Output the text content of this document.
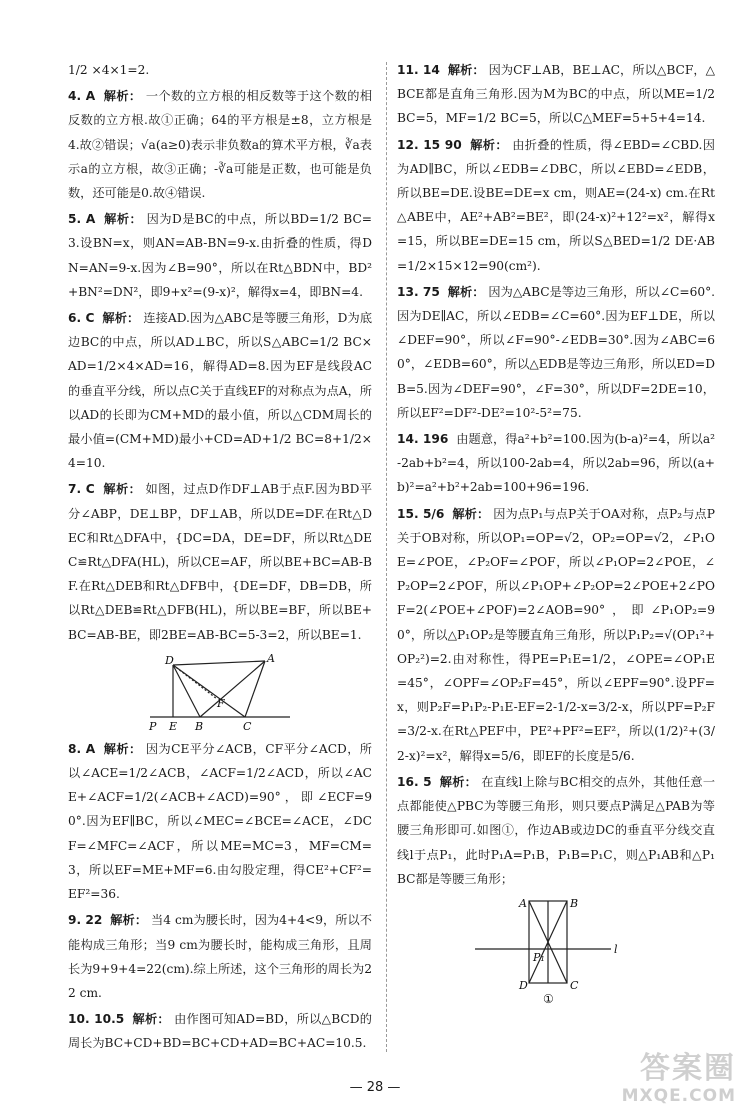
1/2 ×4×1=2.
4. A 解析： 一个数的立方根的相反数等于这个数的相反数的立方根.故①正确；64的平方根是±8，立方根是4.故②错误；√a(a≥0)表示非负数a的算术平方根，∛a表示a的立方根，故③正确；-∛a可能是正数，也可能是负数，还可能是0.故④错误.
5. A 解析： 因为D是BC的中点，所以BD=1/2 BC=3.设BN=x，则AN=AB-BN=9-x.由折叠的性质，得DN=AN=9-x.因为∠B=90°，所以在Rt△BDN中，BD²+BN²=DN²，即9+x²=(9-x)²，解得x=4，即BN=4.
6. C 解析： 连接AD.因为△ABC是等腰三角形，D为底边BC的中点，所以AD⊥BC，所以S△ABC=1/2 BC×AD=1/2×4×AD=16，解得AD=8.因为EF是线段AC的垂直平分线，所以点C关于直线EF的对称点为点A，所以AD的长即为CM+MD的最小值，所以△CDM周长的最小值=(CM+MD)最小+CD=AD+1/2 BC=8+1/2×4=10.
7. C 解析： 如图，过点D作DF⊥AB于点F.因为BD平分∠ABP，DE⊥BP，DF⊥AB，所以DE=DF.在Rt△DEC和Rt△DFA中，{DC=DA，DE=DF，所以Rt△DEC≌Rt△DFA(HL)，所以CE=AF，所以BE+BC=AB-BF.在Rt△DEB和Rt△DFB中，{DE=DF，DB=DB，所以Rt△DEB≌Rt△DFB(HL)，所以BE=BF，所以BE+BC=AB-BE，即2BE=AB-BC=5-3=2，所以BE=1.
D	A
F
P E B	C
8. A 解析： 因为CE平分∠ACB，CF平分∠ACD，所以∠ACE=1/2∠ACB，∠ACF=1/2∠ACD，所以∠ACE+∠ACF=1/2(∠ACB+∠ACD)=90°，即∠ECF=90°.因为EF∥BC，所以∠MEC=∠BCE=∠ACE，∠DCF=∠MFC=∠ACF，所以ME=MC=3，MF=CM=3，所以EF=ME+MF=6.由勾股定理，得CE²+CF²=EF²=36.
9. 22 解析： 当4 cm为腰长时，因为4+4<9，所以不能构成三角形；当9 cm为腰长时，能构成三角形，且周长为9+9+4=22(cm).综上所述，这个三角形的周长为22 cm.
10. 10.5 解析： 由作图可知AD=BD，所以△BCD的周长为BC+CD+BD=BC+CD+AD=BC+AC=10.5.
11. 14 解析： 因为CF⊥AB，BE⊥AC，所以△BCF，△BCE都是直角三角形.因为M为BC的中点，所以ME=1/2 BC=5，MF=1/2 BC=5，所以C△MEF=5+5+4=14.
12. 15 90 解析： 由折叠的性质，得∠EBD=∠CBD.因为AD∥BC，所以∠EDB=∠DBC，所以∠EBD=∠EDB，所以BE=DE.设BE=DE=x cm，则AE=(24-x) cm.在Rt△ABE中，AE²+AB²=BE²，即(24-x)²+12²=x²，解得x=15，所以BE=DE=15 cm，所以S△BED=1/2 DE·AB=1/2×15×12=90(cm²).
13. 75 解析： 因为△ABC是等边三角形，所以∠C=60°.因为DE∥AC，所以∠EDB=∠C=60°.因为EF⊥DE，所以∠DEF=90°，所以∠F=90°-∠EDB=30°.因为∠ABC=60°，∠EDB=60°，所以△EDB是等边三角形，所以ED=DB=5.因为∠DEF=90°，∠F=30°，所以DF=2DE=10，所以EF²=DF²-DE²=10²-5²=75.
14. 196 由题意，得a²+b²=100.因为(b-a)²=4，所以a²-2ab+b²=4，所以100-2ab=4，所以2ab=96，所以(a+b)²=a²+b²+2ab=100+96=196.
15. 5/6 解析： 因为点P₁与点P关于OA对称，点P₂与点P关于OB对称，所以OP₁=OP=√2，OP₂=OP=√2，∠P₁OE=∠POE，∠P₂OF=∠POF，所以∠P₁OP=2∠POE，∠P₂OP=2∠POF，所以∠P₁OP+∠P₂OP=2∠POE+2∠POF=2(∠POE+∠POF)=2∠AOB=90°，即∠P₁OP₂=90°，所以△P₁OP₂是等腰直角三角形，所以P₁P₂=√(OP₁²+OP₂²)=2.由对称性，得PE=P₁E=1/2，∠OPE=∠OP₁E=45°，∠OPF=∠OP₂F=45°，所以∠EPF=90°.设PF=x，则P₂F=P₁P₂-P₁E-EF=2-1/2-x=3/2-x，所以PF=P₂F=3/2-x.在Rt△PEF中，PE²+PF²=EF²，所以(1/2)²+(3/2-x)²=x²，解得x=5/6，即EF的长度是5/6.
16. 5 解析： 在直线l上除与BC相交的点外，其他任意一点都能使△PBC为等腰三角形，则只要点P满足△PAB为等腰三角形即可.如图①，作边AB或边DC的垂直平分线交直线l于点P₁，此时P₁A=P₁B，P₁B=P₁C，则△P₁AB和△P₁BC都是等腰三角形；
A	B
P₁
l
D	C
①
— 28 —
答案圈
MXQE.COM
